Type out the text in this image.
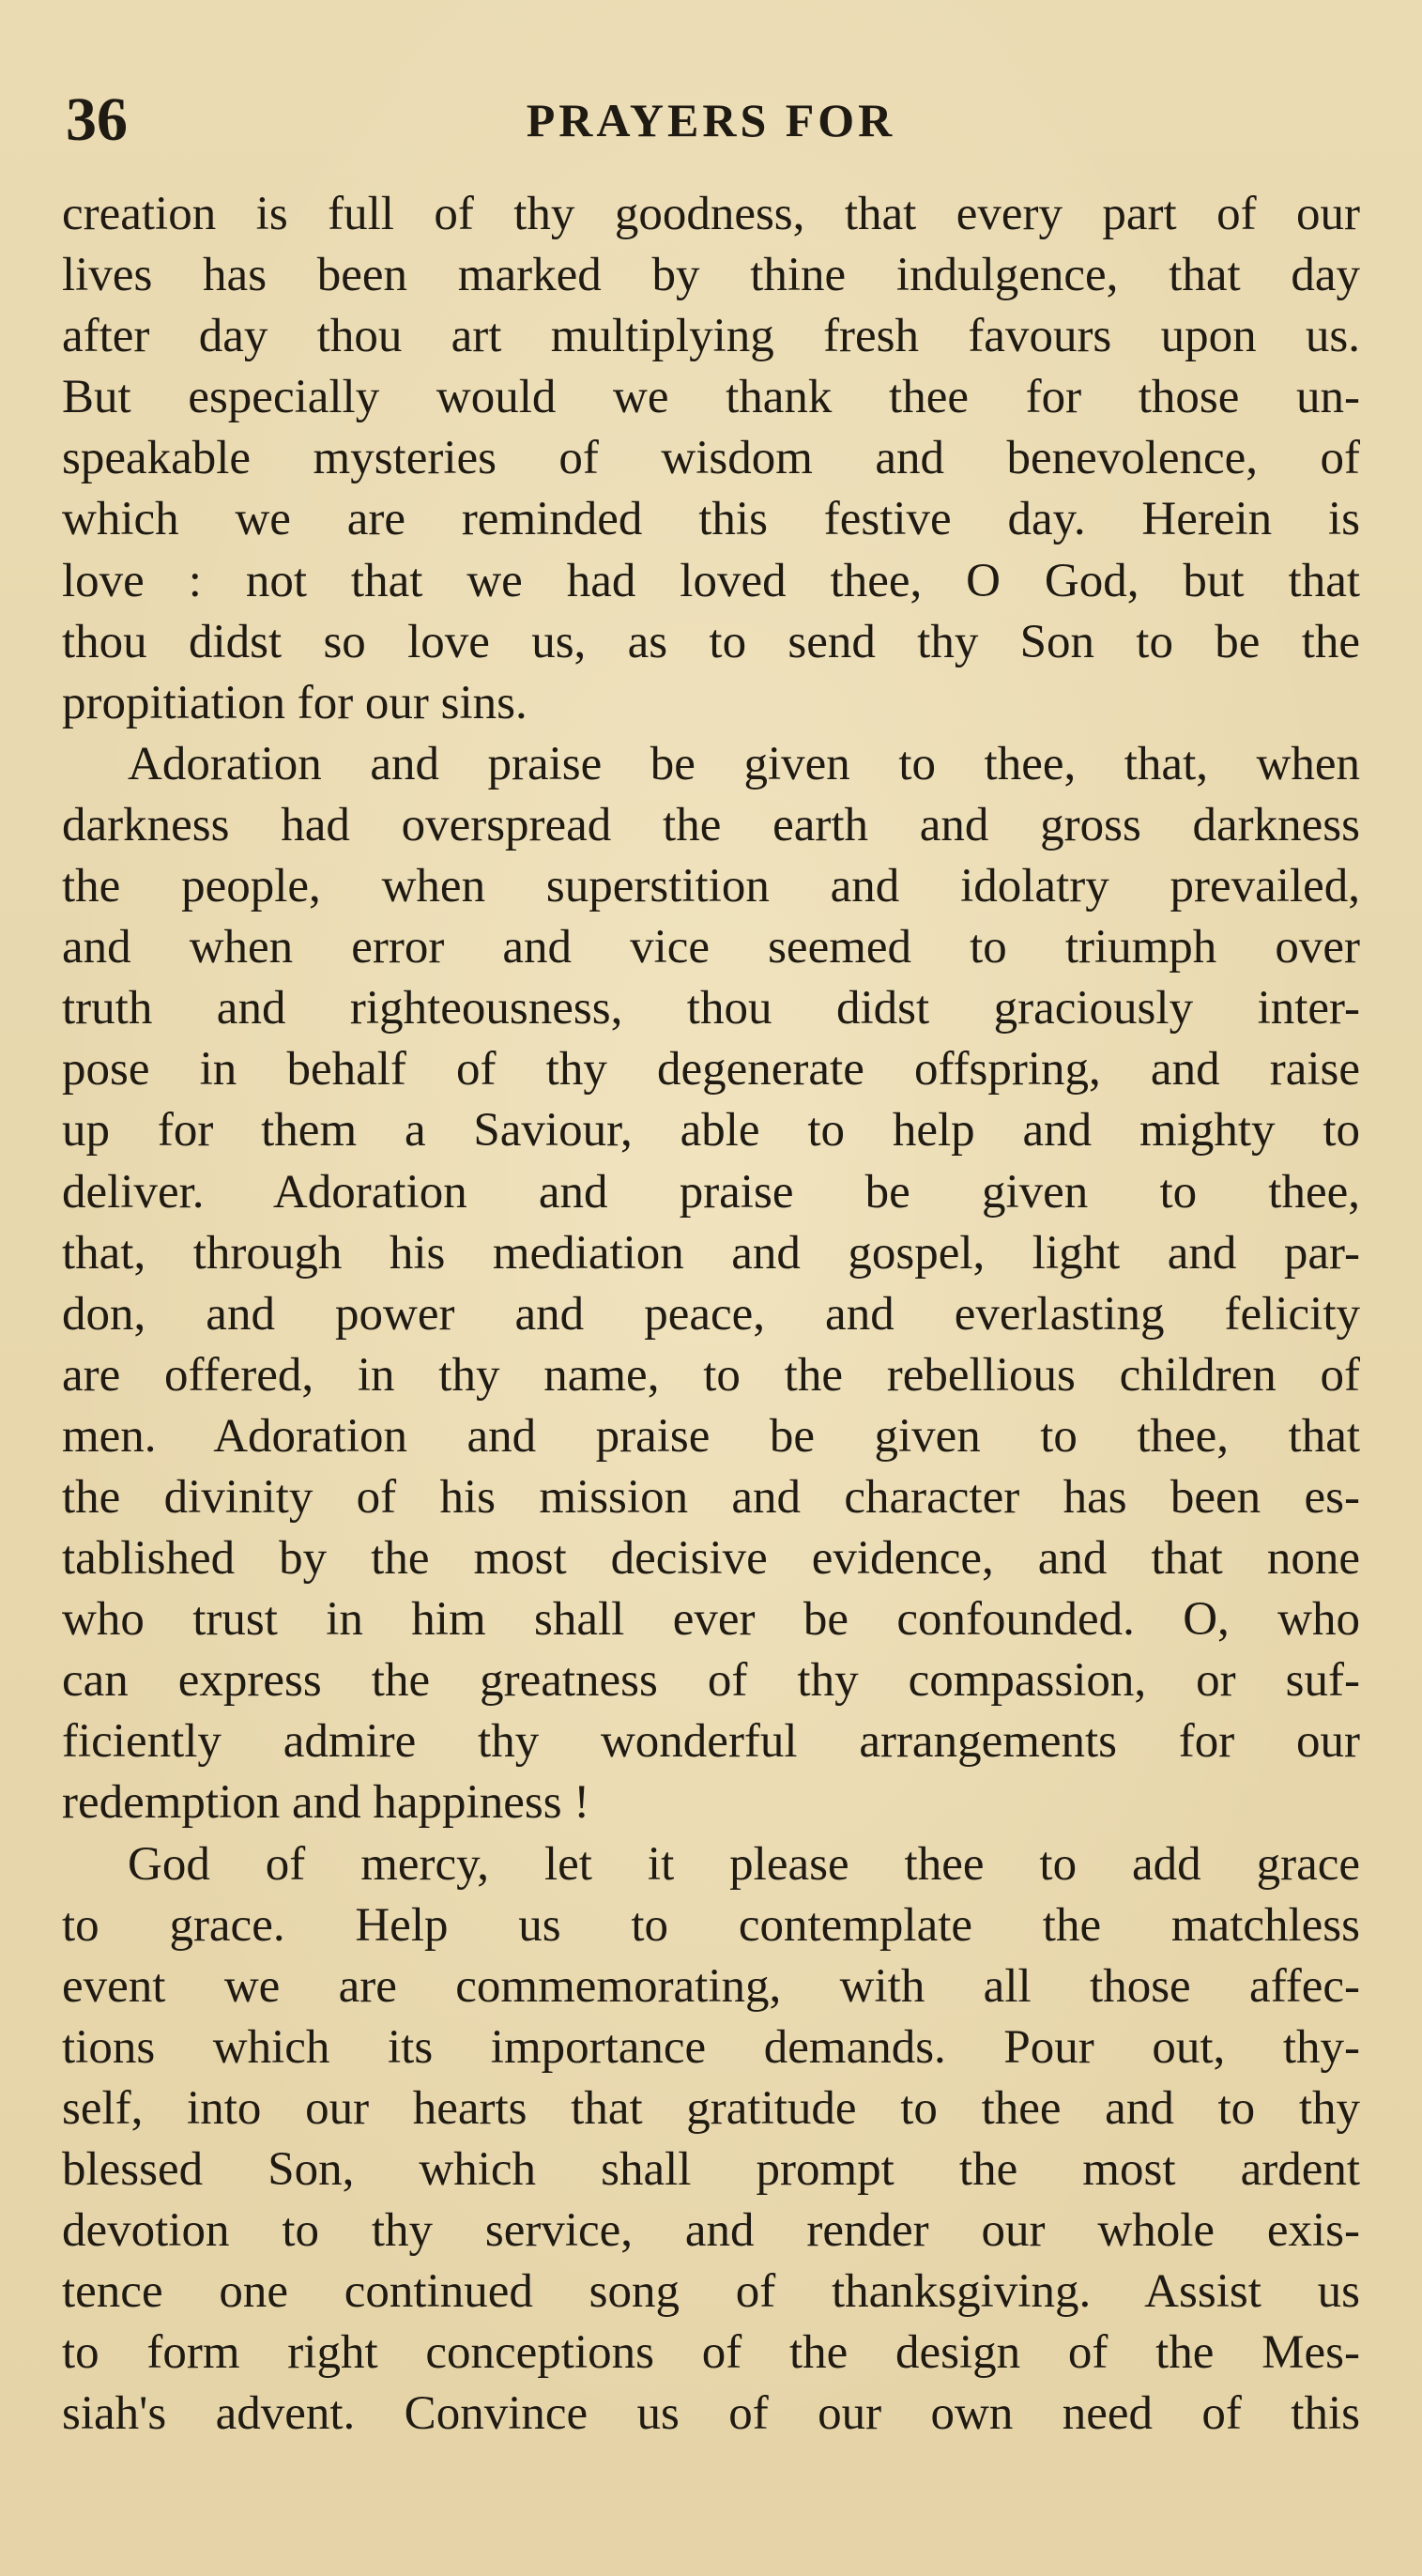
36	PRAYERS FOR
creation is full of thy goodness, that every part of our
lives has been marked by thine indulgence, that day
after day thou art multiplying fresh favours upon us.
But especially would we thank thee for those un-
speakable mysteries of wisdom and benevolence, of
which we are reminded this festive day. Herein is
love : not that we had loved thee, O God, but that
thou didst so love us, as to send thy Son to be the
propitiation for our sins.
Adoration and praise be given to thee, that, when
darkness had overspread the earth and gross darkness
the people, when superstition and idolatry prevailed,
and when error and vice seemed to triumph over
truth and righteousness, thou didst graciously inter-
pose in behalf of thy degenerate offspring, and raise
up for them a Saviour, able to help and mighty to
deliver. Adoration and praise be given to thee,
that, through his mediation and gospel, light and par-
don, and power and peace, and everlasting felicity
are offered, in thy name, to the rebellious children of
men. Adoration and praise be given to thee, that
the divinity of his mission and character has been es-
tablished by the most decisive evidence, and that none
who trust in him shall ever be confounded. O, who
can express the greatness of thy compassion, or suf-
ficiently admire thy wonderful arrangements for our
redemption and happiness !
God of mercy, let it please thee to add grace
to grace. Help us to contemplate the matchless
event we are commemorating, with all those affec-
tions which its importance demands. Pour out, thy-
self, into our hearts that gratitude to thee and to thy
blessed Son, which shall prompt the most ardent
devotion to thy service, and render our whole exis-
tence one continued song of thanksgiving. Assist us
to form right conceptions of the design of the Mes-
siah's advent. Convince us of our own need of this
